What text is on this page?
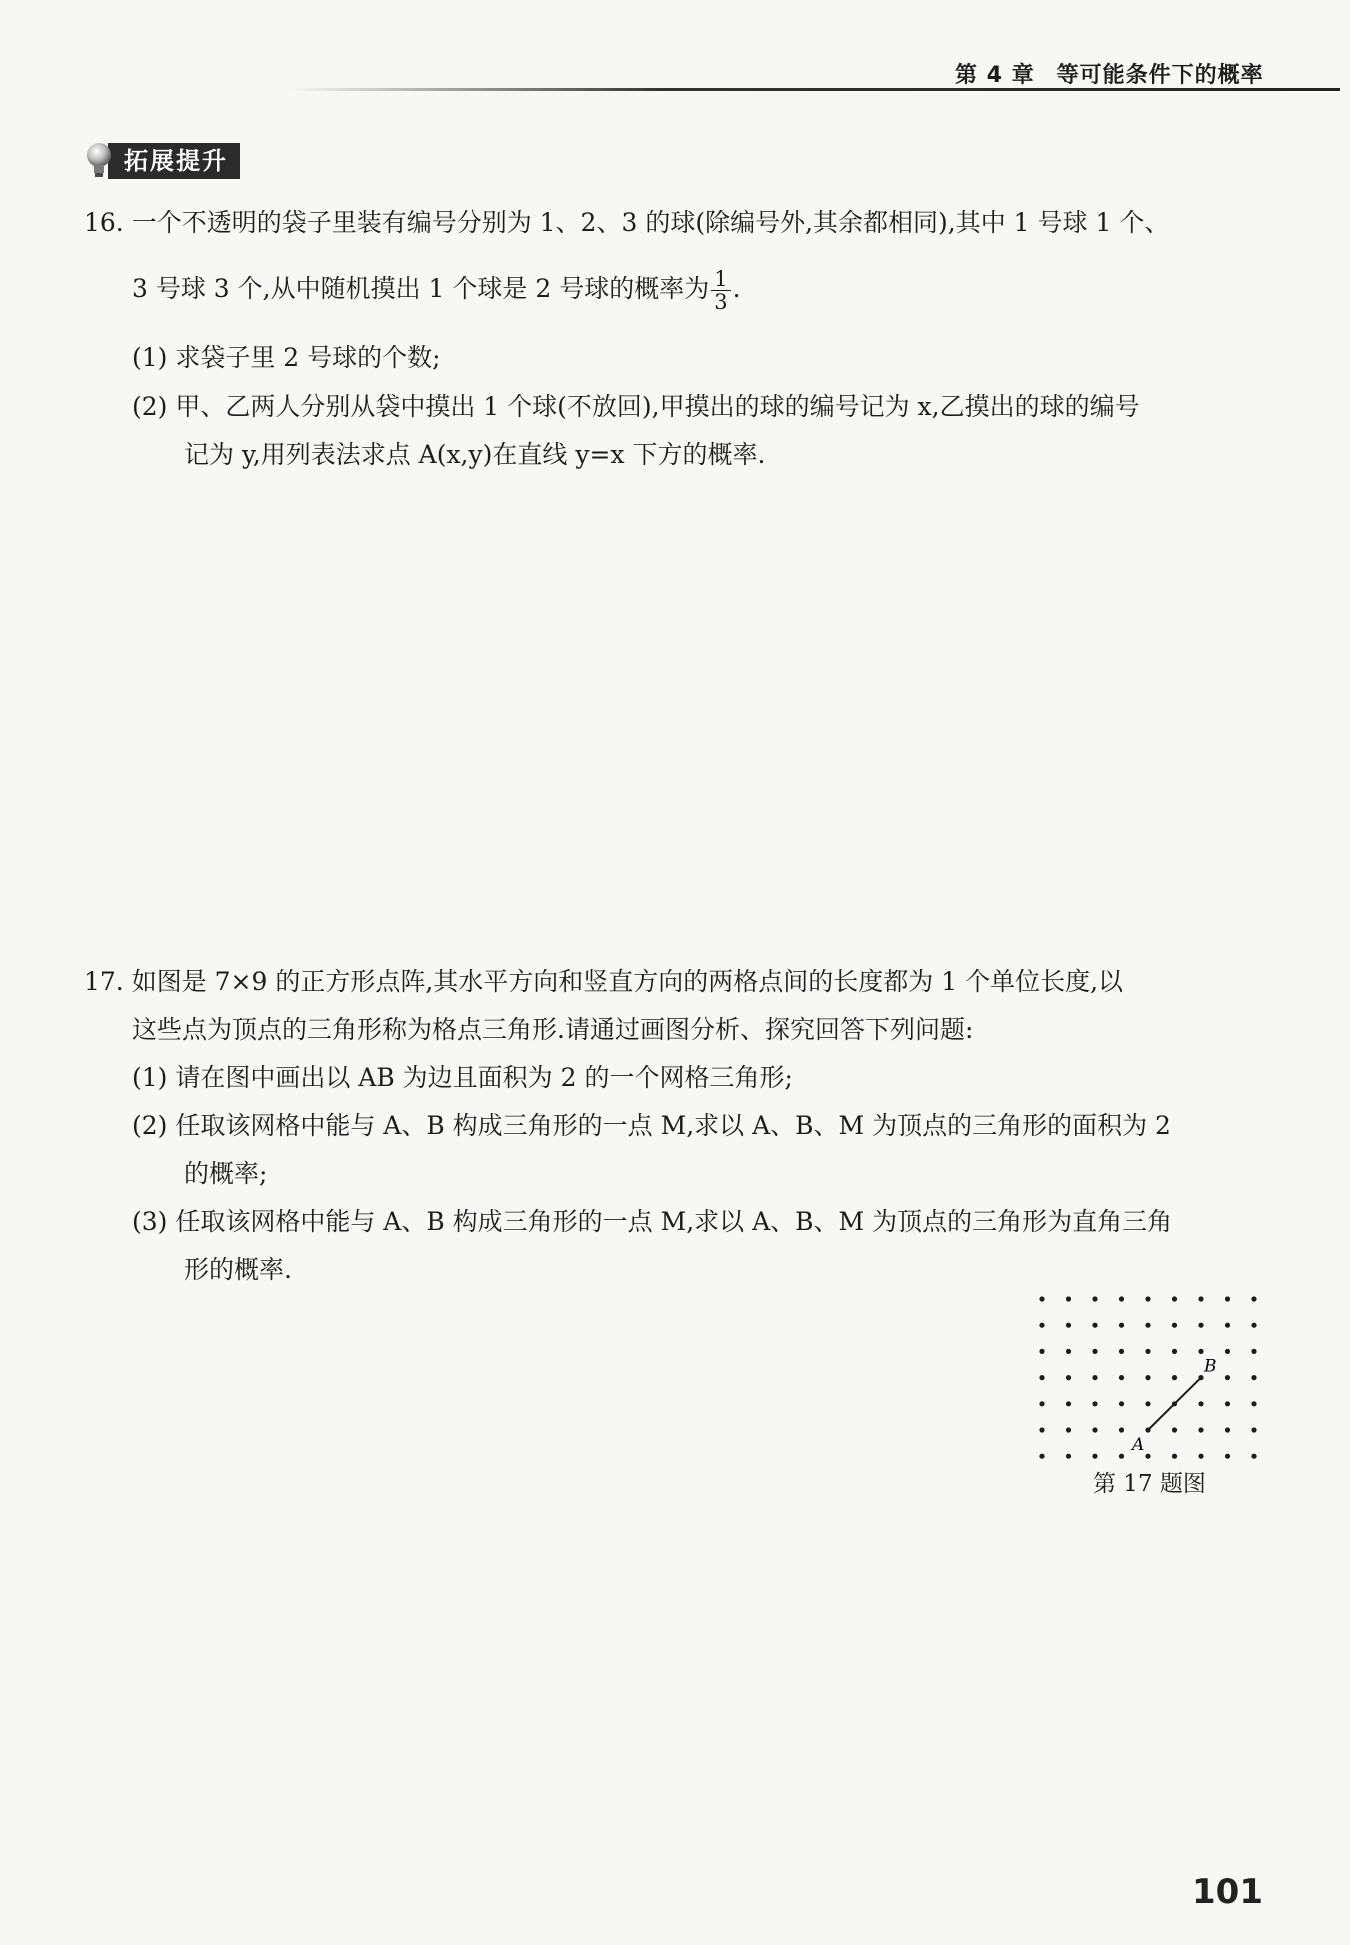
第 4 章 等可能条件下的概率
拓展提升
16. 一个不透明的袋子里装有编号分别为 1、2、3 的球(除编号外,其余都相同),其中 1 号球 1 个、
3 号球 3 个,从中随机摸出 1 个球是 2 号球的概率为 $\frac{1}{3}$ .
(1) 求袋子里 2 号球的个数;
(2) 甲、乙两人分别从袋中摸出 1 个球(不放回),甲摸出的球的编号记为 x,乙摸出的球的编号
记为 y,用列表法求点 A(x,y)在直线 y=x 下方的概率.
17. 如图是 7×9 的正方形点阵,其水平方向和竖直方向的两格点间的长度都为 1 个单位长度,以
这些点为顶点的三角形称为格点三角形.请通过画图分析、探究回答下列问题:
(1) 请在图中画出以 AB 为边且面积为 2 的一个网格三角形;
(2) 任取该网格中能与 A、B 构成三角形的一点 M,求以 A、B、M 为顶点的三角形的面积为 2
的概率;
(3) 任取该网格中能与 A、B 构成三角形的一点 M,求以 A、B、M 为顶点的三角形为直角三角
形的概率.
A
B
第 17 题图
101
